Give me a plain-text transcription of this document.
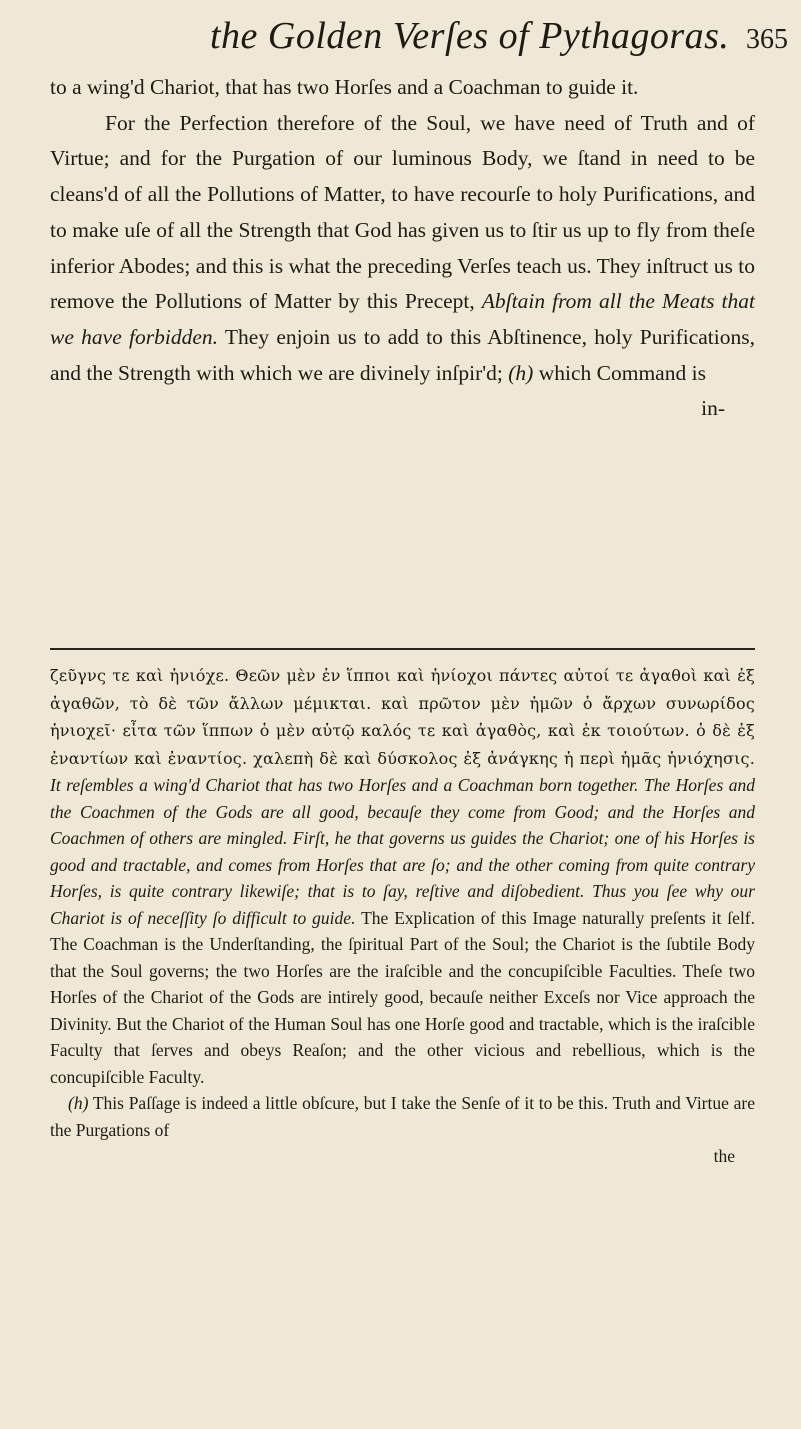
the Golden Verſes of Pythagoras. 365

to a wing'd Chariot, that has two Horſes and a Coachman to guide it.

For the Perfection therefore of the Soul, we have need of Truth and of Virtue; and for the Purgation of our luminous Body, we ſtand in need to be cleans'd of all the Pollutions of Matter, to have recourſe to holy Purifications, and to make uſe of all the Strength that God has given us to ſtir us up to fly from theſe inferior Abodes; and this is what the preceding Verſes teach us. They inſtruct us to remove the Pollutions of Matter by this Precept, Abſtain from all the Meats that we have forbidden. They enjoin us to add to this Abſtinence, holy Purifications, and the Strength with which we are divinely inſpir'd; (h) which Command is

in-

ζεῦγνς τε καὶ ἡνιόχε. Θεῶν μὲν ἐν ἵπποι καὶ ἡνίοχοι πάντες αὐτοί τε ἀγαθοὶ καὶ ἐξ ἀγαθῶν, τὸ δὲ τῶν ἄλλων μέμικται. καὶ πρῶτον μὲν ἡμῶν ὁ ἄρχων συνωρίδος ἡνιοχεῖ· εἶτα τῶν ἵππων ὁ μὲν αὐτῷ καλός τε καὶ ἀγαθὸς, καὶ ἐκ τοιούτων. ὁ δὲ ἐξ ἐναντίων καὶ ἐναντίος. χαλεπὴ δὲ καὶ δύσκολος ἐξ ἀνάγκης ἡ περὶ ἡμᾶς ἡνιόχησις. It reſembles a wing'd Chariot that has two Horſes and a Coachman born together. The Horſes and the Coachmen of the Gods are all good, becauſe they come from Good; and the Horſes and Coachmen of others are mingled. Firſt, he that governs us guides the Chariot; one of his Horſes is good and tractable, and comes from Horſes that are ſo; and the other coming from quite contrary Horſes, is quite contrary likewiſe; that is to ſay, reſtive and diſobedient. Thus you ſee why our Chariot is of neceſſity ſo difficult to guide. The Explication of this Image naturally preſents it ſelf. The Coachman is the Underſtanding, the ſpiritual Part of the Soul; the Chariot is the ſubtile Body that the Soul governs; the two Horſes are the iraſcible and the concupiſcible Faculties. Theſe two Horſes of the Chariot of the Gods are intirely good, becauſe neither Exceſs nor Vice approach the Divinity. But the Chariot of the Human Soul has one Horſe good and tractable, which is the iraſcible Faculty that ſerves and obeys Reaſon; and the other vicious and rebellious, which is the concupiſcible Faculty.

(h) This Paſſage is indeed a little obſcure, but I take the Senſe of it to be this. Truth and Virtue are the Purgations of

the
